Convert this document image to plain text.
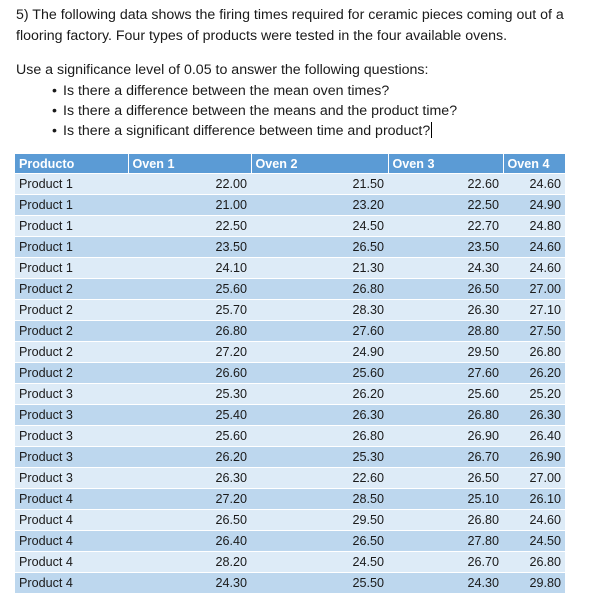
5) The following data shows the firing times required for ceramic pieces coming out of a flooring factory. Four types of products were tested in the four available ovens.

Use a significance level of 0.05 to answer the following questions:

• Is there a difference between the mean oven times?
• Is there a difference between the means and the product time?
• Is there a significant difference between time and product?
Producto	Oven 1	Oven 2	Oven 3	Oven 4
Product 1	22.00	21.50	22.60	24.60
Product 1	21.00	23.20	22.50	24.90
Product 1	22.50	24.50	22.70	24.80
Product 1	23.50	26.50	23.50	24.60
Product 1	24.10	21.30	24.30	24.60
Product 2	25.60	26.80	26.50	27.00
Product 2	25.70	28.30	26.30	27.10
Product 2	26.80	27.60	28.80	27.50
Product 2	27.20	24.90	29.50	26.80
Product 2	26.60	25.60	27.60	26.20
Product 3	25.30	26.20	25.60	25.20
Product 3	25.40	26.30	26.80	26.30
Product 3	25.60	26.80	26.90	26.40
Product 3	26.20	25.30	26.70	26.90
Product 3	26.30	22.60	26.50	27.00
Product 4	27.20	28.50	25.10	26.10
Product 4	26.50	29.50	26.80	24.60
Product 4	26.40	26.50	27.80	24.50
Product 4	28.20	24.50	26.70	26.80
Product 4	24.30	25.50	24.30	29.80
